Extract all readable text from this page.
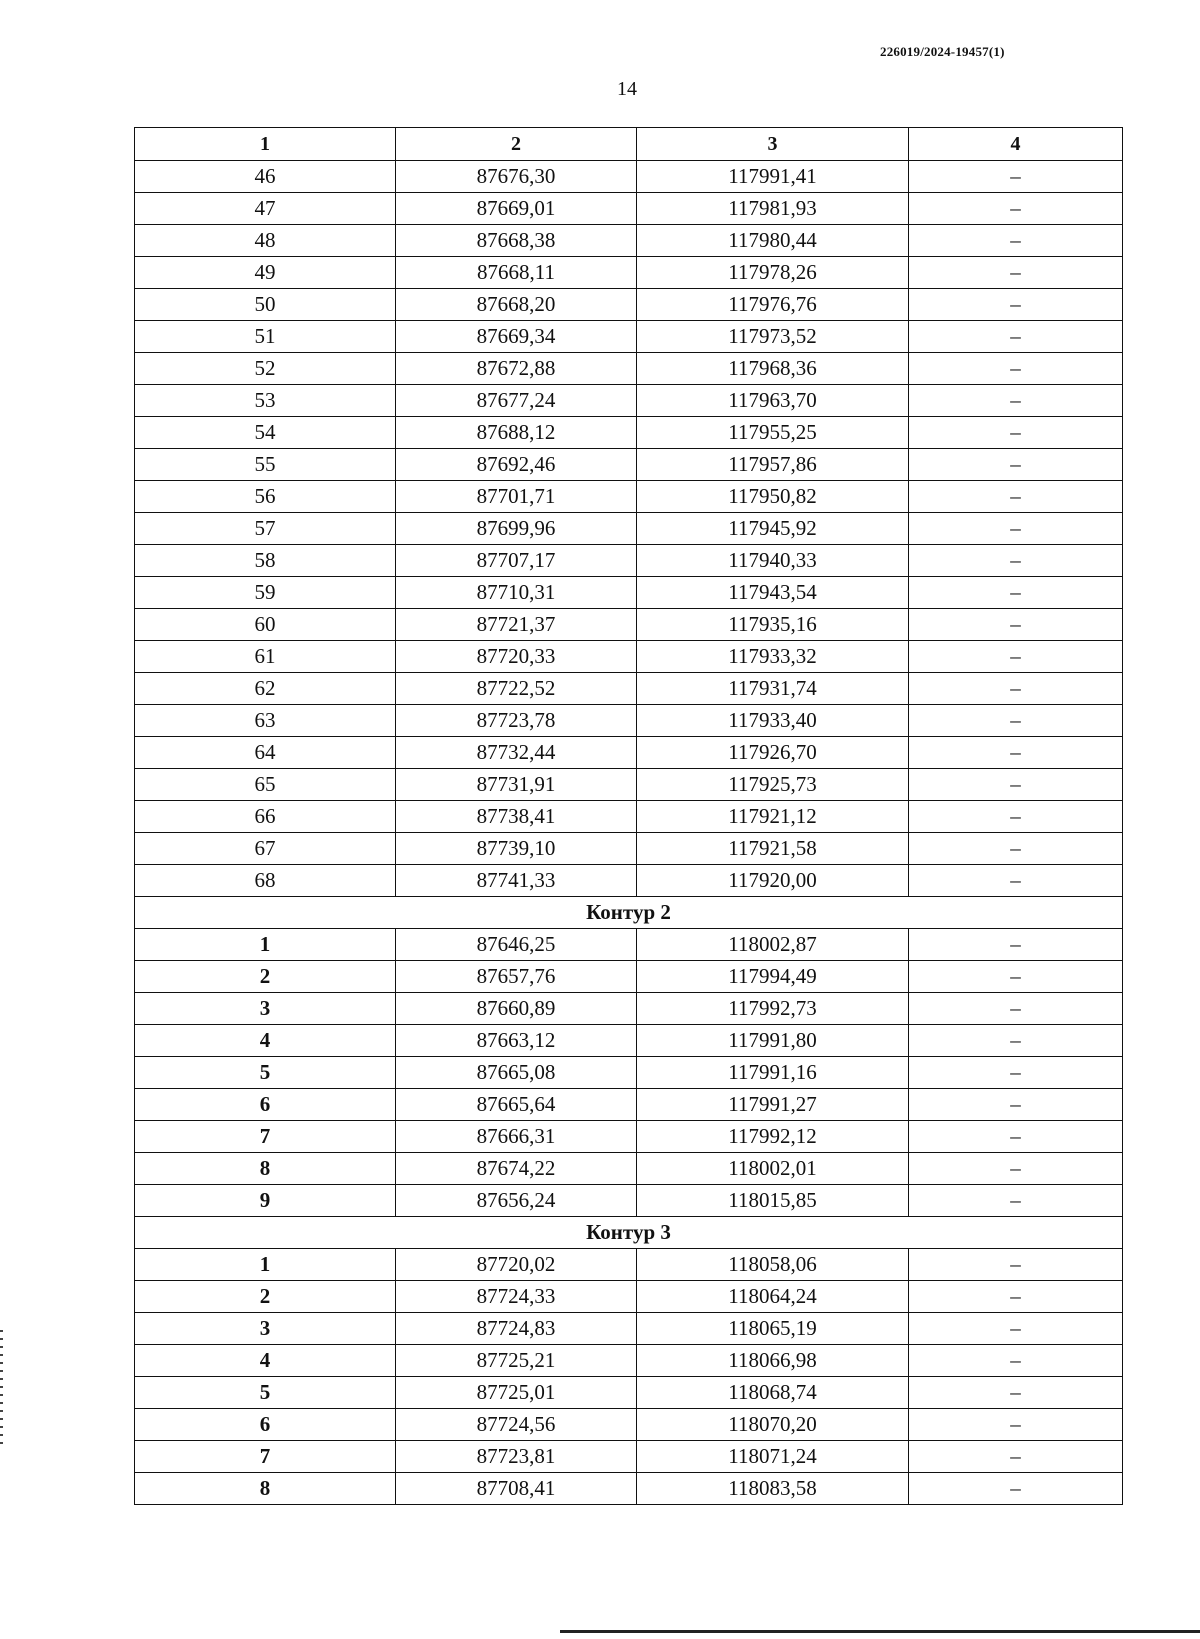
226019/2024-19457(1)
14
1	2	3	4
46	87676,30	117991,41	–
47	87669,01	117981,93	–
48	87668,38	117980,44	–
49	87668,11	117978,26	–
50	87668,20	117976,76	–
51	87669,34	117973,52	–
52	87672,88	117968,36	–
53	87677,24	117963,70	–
54	87688,12	117955,25	–
55	87692,46	117957,86	–
56	87701,71	117950,82	–
57	87699,96	117945,92	–
58	87707,17	117940,33	–
59	87710,31	117943,54	–
60	87721,37	117935,16	–
61	87720,33	117933,32	–
62	87722,52	117931,74	–
63	87723,78	117933,40	–
64	87732,44	117926,70	–
65	87731,91	117925,73	–
66	87738,41	117921,12	–
67	87739,10	117921,58	–
68	87741,33	117920,00	–
Контур 2			
1	87646,25	118002,87	–
2	87657,76	117994,49	–
3	87660,89	117992,73	–
4	87663,12	117991,80	–
5	87665,08	117991,16	–
6	87665,64	117991,27	–
7	87666,31	117992,12	–
8	87674,22	118002,01	–
9	87656,24	118015,85	–
Контур 3			
1	87720,02	118058,06	–
2	87724,33	118064,24	–
3	87724,83	118065,19	–
4	87725,21	118066,98	–
5	87725,01	118068,74	–
6	87724,56	118070,20	–
7	87723,81	118071,24	–
8	87708,41	118083,58	–
